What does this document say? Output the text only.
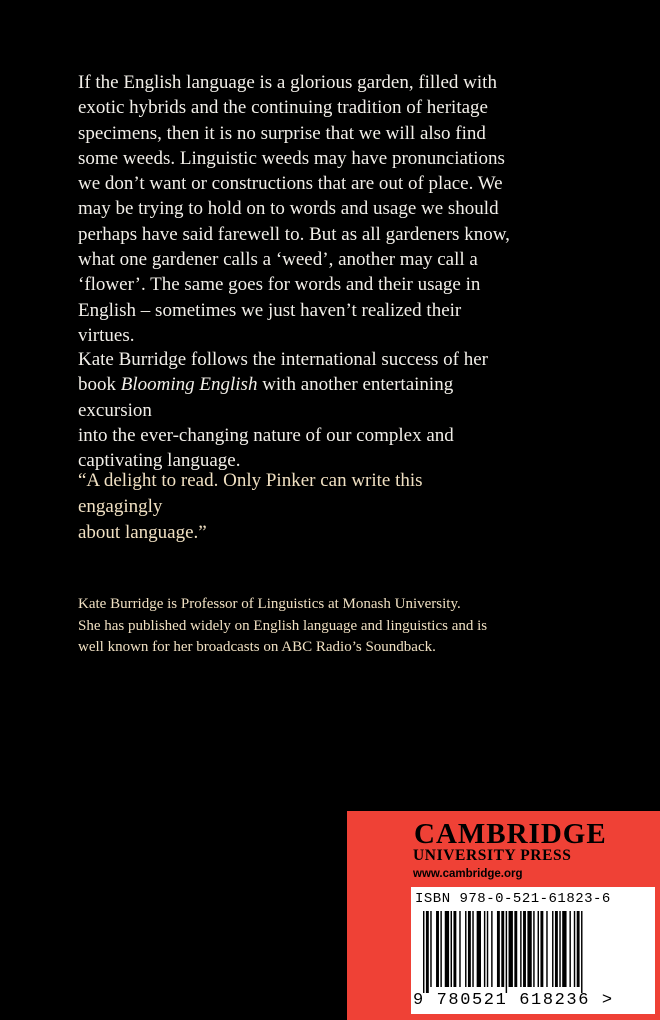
If the English language is a glorious garden, filled with
exotic hybrids and the continuing tradition of heritage
specimens, then it is no surprise that we will also find
some weeds. Linguistic weeds may have pronunciations
we don’t want or constructions that are out of place. We
may be trying to hold on to words and usage we should
perhaps have said farewell to. But as all gardeners know,
what one gardener calls a ‘weed’, another may call a
‘flower’. The same goes for words and their usage in
English – sometimes we just haven’t realized their virtues.

Kate Burridge follows the international success of her
book Blooming English with another entertaining excursion
into the ever-changing nature of our complex and
captivating language.

“A delight to read. Only Pinker can write this engagingly
about language.”

Professor Charles F. Meyer,
University of Massachusetts, Boston

Kate Burridge is Professor of Linguistics at Monash University.
She has published widely on English language and linguistics and is
well known for her broadcasts on ABC Radio’s Soundback.

CAMBRIDGE

UNIVERSITY PRESS

www.cambridge.org

ISBN 978-0-521-61823-6

9 780521 618236 >
